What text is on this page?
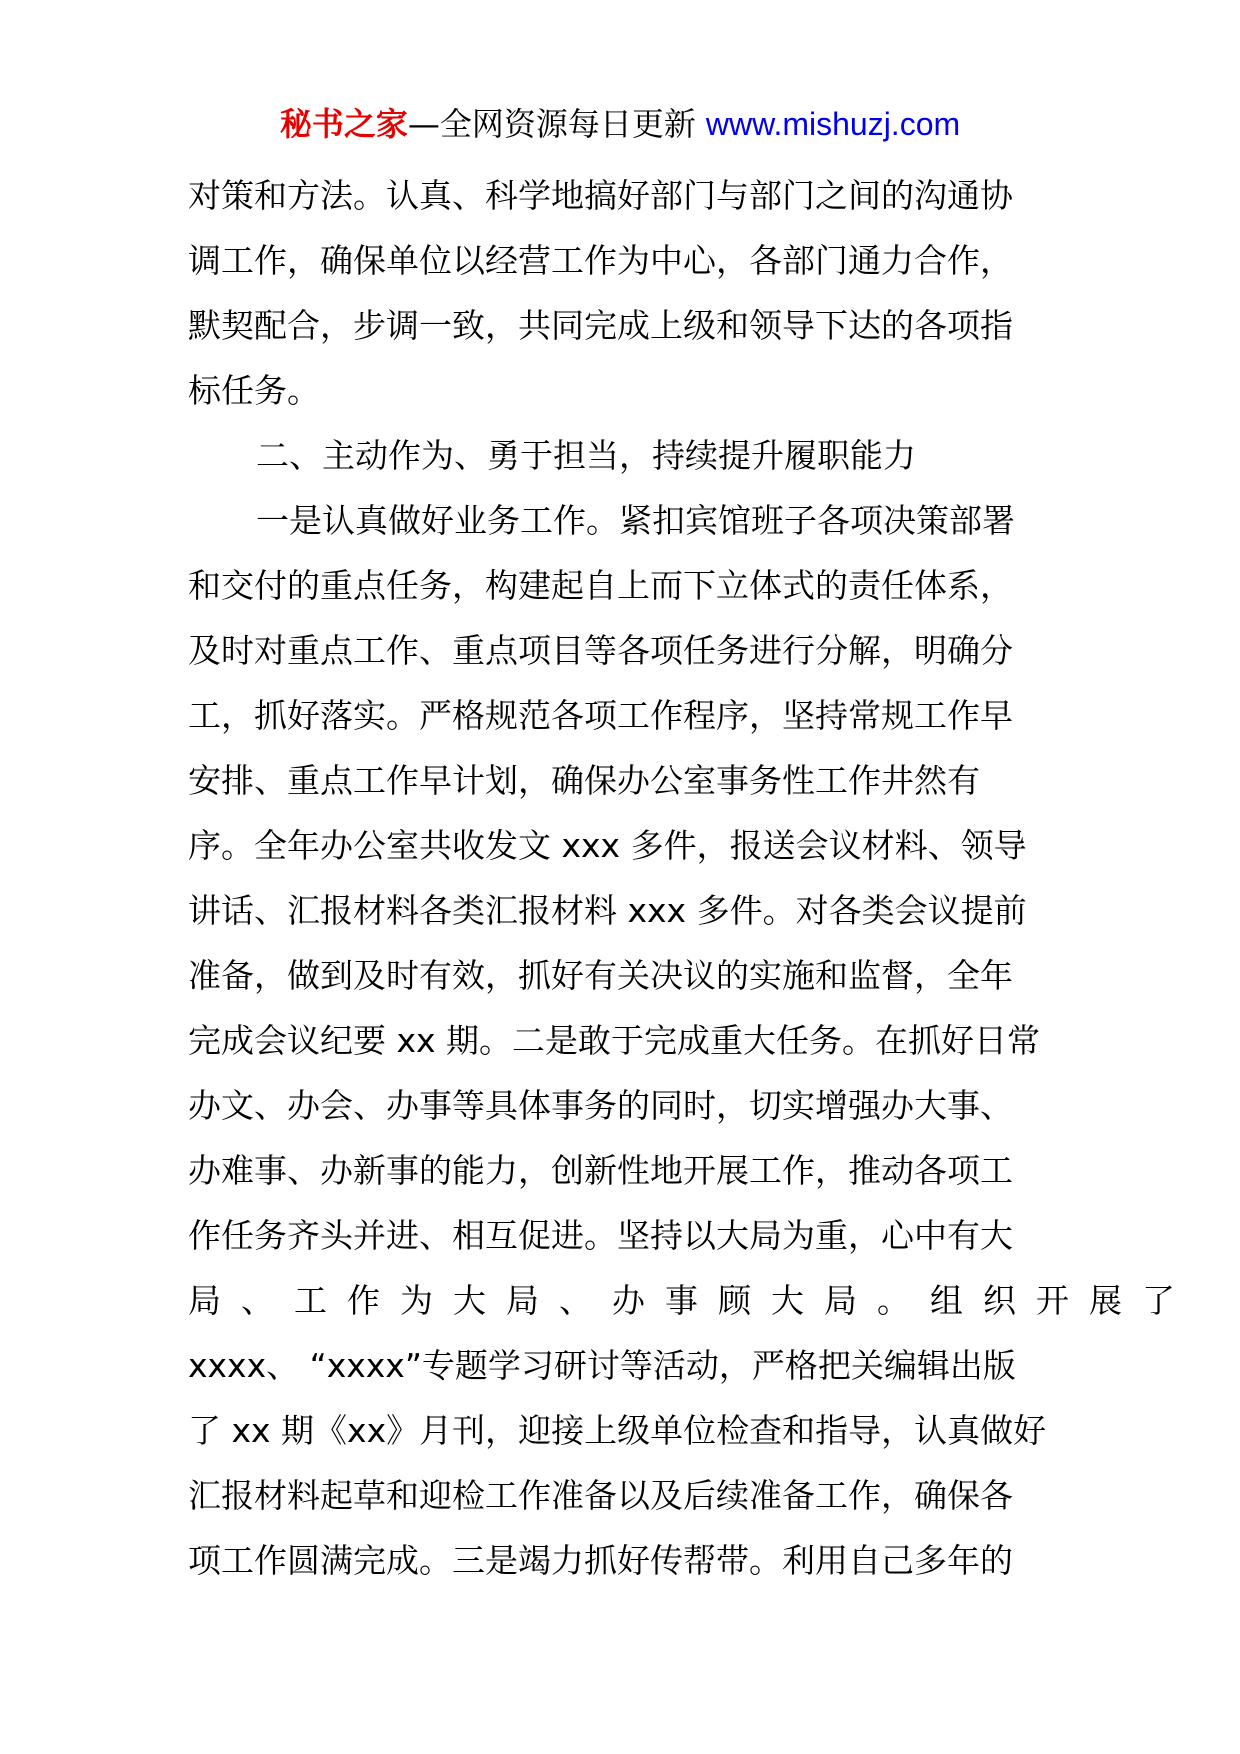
秘书之家—全网资源每日更新 www.mishuzj.com
对策和方法。认真、科学地搞好部门与部门之间的沟通协
调工作，确保单位以经营工作为中心，各部门通力合作，
默契配合，步调一致，共同完成上级和领导下达的各项指
标任务。
二、主动作为、勇于担当，持续提升履职能力
一是认真做好业务工作。紧扣宾馆班子各项决策部署
和交付的重点任务，构建起自上而下立体式的责任体系，
及时对重点工作、重点项目等各项任务进行分解，明确分
工，抓好落实。严格规范各项工作程序，坚持常规工作早
安排、重点工作早计划，确保办公室事务性工作井然有
序。全年办公室共收发文 xxx 多件，报送会议材料、领导
讲话、汇报材料各类汇报材料 xxx 多件。对各类会议提前
准备，做到及时有效，抓好有关决议的实施和监督，全年
完成会议纪要 xx 期。二是敢于完成重大任务。在抓好日常
办文、办会、办事等具体事务的同时，切实增强办大事、
办难事、办新事的能力，创新性地开展工作，推动各项工
作任务齐头并进、相互促进。坚持以大局为重，心中有大
局、工作为大局、办事顾大局。组织开展了
xxxx、 “xxxx”专题学习研讨等活动，严格把关编辑出版
了 xx 期《xx》月刊，迎接上级单位检查和指导，认真做好
汇报材料起草和迎检工作准备以及后续准备工作，确保各
项工作圆满完成。三是竭力抓好传帮带。利用自己多年的
